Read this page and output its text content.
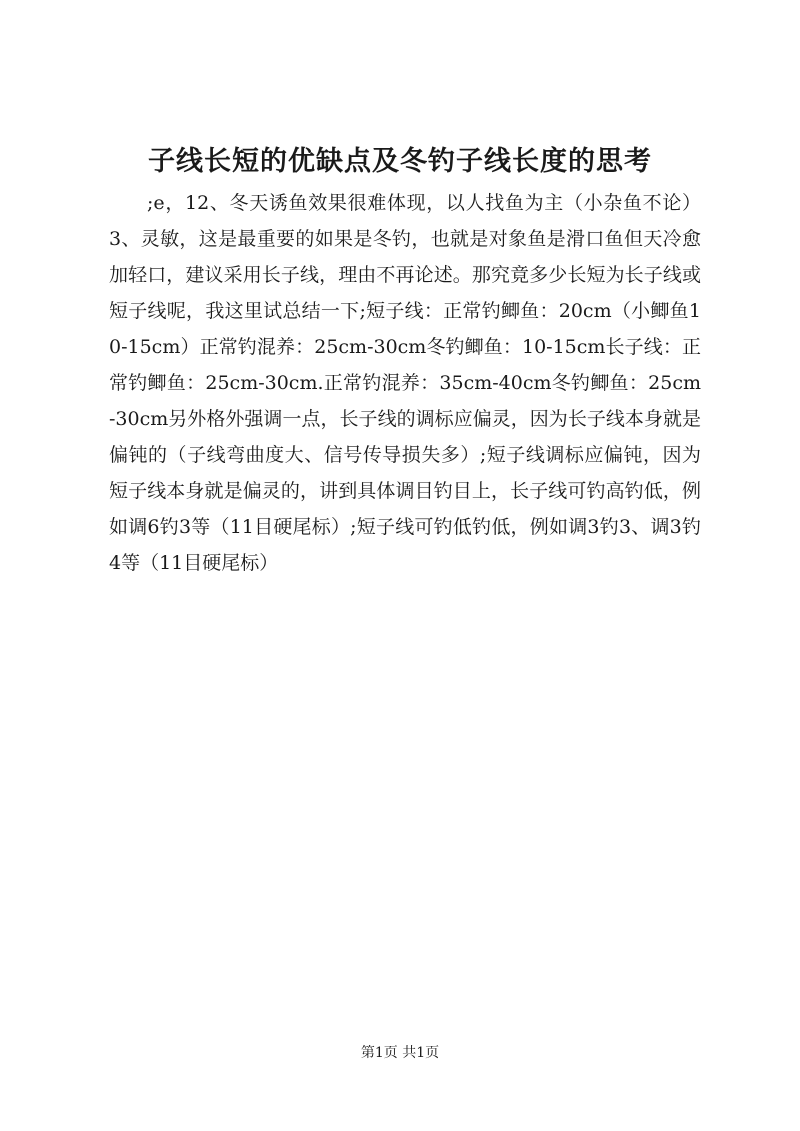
子线长短的优缺点及冬钓子线长度的思考

;e，12、冬天诱鱼效果很难体现，以人找鱼为主（小杂鱼不论）3、灵敏，这是最重要的如果是冬钓，也就是对象鱼是滑口鱼但天冷愈加轻口，建议采用长子线，理由不再论述。那究竟多少长短为长子线或短子线呢，我这里试总结一下;短子线：正常钓鲫鱼：20cm（小鲫鱼10-15cm）正常钓混养：25cm-30cm冬钓鲫鱼：10-15cm长子线：正常钓鲫鱼：25cm-30cm.正常钓混养：35cm-40cm冬钓鲫鱼：25cm-30cm另外格外强调一点，长子线的调标应偏灵，因为长子线本身就是偏钝的（子线弯曲度大、信号传导损失多）;短子线调标应偏钝，因为短子线本身就是偏灵的，讲到具体调目钓目上，长子线可钓高钓低，例如调6钓3等（11目硬尾标）;短子线可钓低钓低，例如调3钓3、调3钓4等（11目硬尾标）

第1页 共1页
